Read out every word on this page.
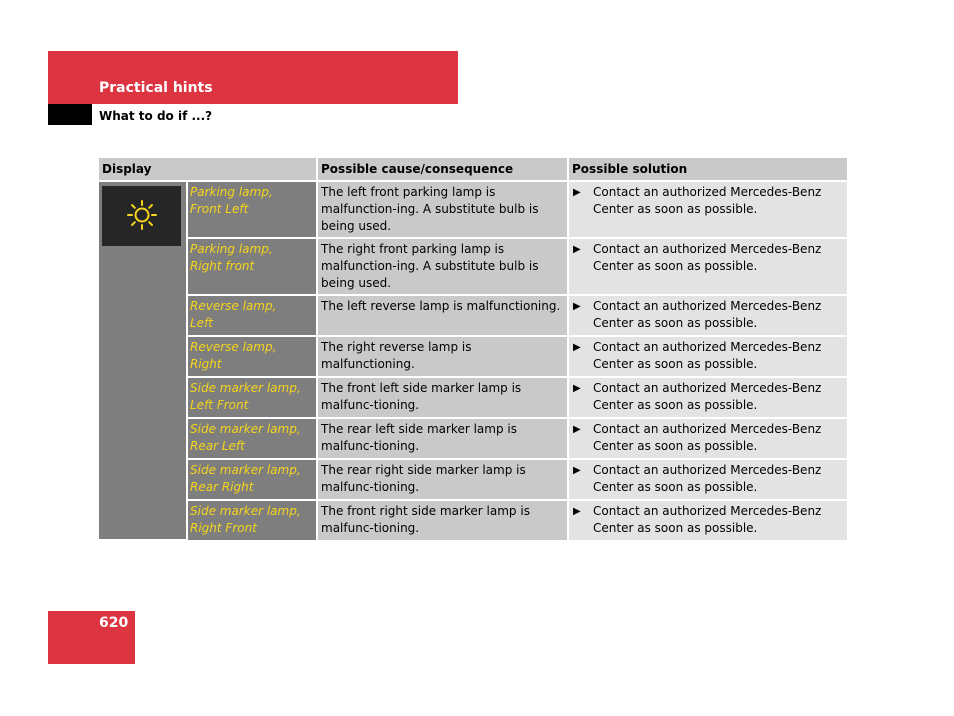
Practical hints
What to do if ...?
Display		Possible cause/consequence	Possible solution

	Parking lamp,
Front Left	The left front parking lamp is malfunction-ing. A substitute bulb is being used.	▶ Contact an authorized Mercedes-Benz Center as soon as possible.

	Parking lamp,
Right front	The right front parking lamp is malfunction-ing. A substitute bulb is being used.	▶ Contact an authorized Mercedes-Benz Center as soon as possible.

	Reverse lamp,
Left	The left reverse lamp is malfunctioning.	▶ Contact an authorized Mercedes-Benz Center as soon as possible.

	Reverse lamp,
Right	The right reverse lamp is malfunctioning.	▶ Contact an authorized Mercedes-Benz Center as soon as possible.

	Side marker lamp,
Left Front	The front left side marker lamp is malfunc-tioning.	▶ Contact an authorized Mercedes-Benz Center as soon as possible.

	Side marker lamp,
Rear Left	The rear left side marker lamp is malfunc-tioning.	▶ Contact an authorized Mercedes-Benz Center as soon as possible.

	Side marker lamp,
Rear Right	The rear right side marker lamp is malfunc-tioning.	▶ Contact an authorized Mercedes-Benz Center as soon as possible.

	Side marker lamp,
Right Front	The front right side marker lamp is malfunc-tioning.	▶ Contact an authorized Mercedes-Benz Center as soon as possible.
620
